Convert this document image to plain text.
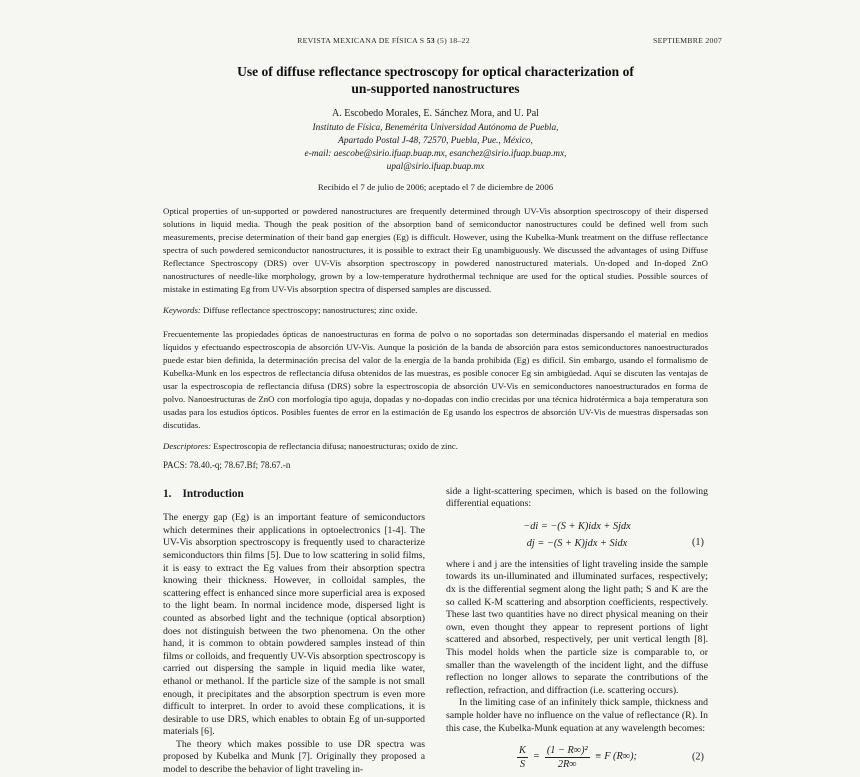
REVISTA MEXICANA DE FÍSICA S 53 (5) 18–22	SEPTIEMBRE 2007
Use of diffuse reflectance spectroscopy for optical characterization of
un-supported nanostructures
A. Escobedo Morales, E. Sánchez Mora, and U. Pal
Instituto de Física, Benemérita Universidad Autónoma de Puebla,
Apartado Postal J-48, 72570, Puebla, Pue., México,
e-mail: aescobe@sirio.ifuap.buap.mx, esanchez@sirio.ifuap.buap.mx,
upal@sirio.ifuap.buap.mx
Recibido el 7 de julio de 2006; aceptado el 7 de diciembre de 2006

Optical properties of un-supported or powdered nanostructures are frequently determined through UV-Vis absorption spectroscopy of their dispersed solutions in liquid media. Though the peak position of the absorption band of semiconductor nanostructures could be defined well from such measurements, precise determination of their band gap energies (Eg) is difficult. However, using the Kubelka-Munk treatment on the diffuse reflectance spectra of such powdered semiconductor nanostructures, it is possible to extract their Eg unambiguously. We discussed the advantages of using Diffuse Reflectance Spectroscopy (DRS) over UV-Vis absorption spectroscopy in powdered nanostructured materials. Un-doped and In-doped ZnO nanostructures of needle-like morphology, grown by a low-temperature hydrothermal technique are used for the optical studies. Possible sources of mistake in estimating Eg from UV-Vis absorption spectra of dispersed samples are discussed.

Keywords: Diffuse reflectance spectroscopy; nanostructures; zinc oxide.

Frecuentemente las propiedades ópticas de nanoestructuras en forma de polvo o no soportadas son determinadas dispersando el material en medios líquidos y efectuando espectroscopia de absorción UV-Vis. Aunque la posición de la banda de absorción para estos semiconductores nanoestructurados puede estar bien definida, la determinación precisa del valor de la energía de la banda prohibida (Eg) es difícil. Sin embargo, usando el formalismo de Kubelka-Munk en los espectros de reflectancia difusa obtenidos de las muestras, es posible conocer Eg sin ambigüedad. Aquí se discuten las ventajas de usar la espectroscopia de reflectancia difusa (DRS) sobre la espectroscopia de absorción UV-Vis en semiconductores nanoestructurados en forma de polvo. Nanoestructuras de ZnO con morfología tipo aguja, dopadas y no-dopadas con indio crecidas por una técnica hidrotérmica a baja temperatura son usadas para los estudios ópticos. Posibles fuentes de error en la estimación de Eg usando los espectros de absorción UV-Vis de muestras dispersadas son discutidas.

Descriptores: Espectroscopia de reflectancia difusa; nanoestructuras; oxido de zinc.
PACS: 78.40.-q; 78.67.Bf; 78.67.-n
1. Introduction

The energy gap (Eg) is an important feature of semiconductors which determines their applications in optoelectronics [1-4]. The UV-Vis absorption spectroscopy is frequently used to characterize semiconductors thin films [5]. Due to low scattering in solid films, it is easy to extract the Eg values from their absorption spectra knowing their thickness. However, in colloidal samples, the scattering effect is enhanced since more superficial area is exposed to the light beam. In normal incidence mode, dispersed light is counted as absorbed light and the technique (optical absorption) does not distinguish between the two phenomena. On the other hand, it is common to obtain powdered samples instead of thin films or colloids, and frequently UV-Vis absorption spectroscopy is carried out dispersing the sample in liquid media like water, ethanol or methanol. If the particle size of the sample is not small enough, it precipitates and the absorption spectrum is even more difficult to interpret. In order to avoid these complications, it is desirable to use DRS, which enables to obtain Eg of un-supported materials [6].

The theory which makes possible to use DR spectra was proposed by Kubelka and Munk [7]. Originally they proposed a model to describe the behavior of light traveling in-

side a light-scattering specimen, which is based on the following differential equations:

−di = −(S + K)idx + Sjdx
dj = −(S + K)jdx + Sidx	(1)

where i and j are the intensities of light traveling inside the sample towards its un-illuminated and illuminated surfaces, respectively; dx is the differential segment along the light path; S and K are the so called K-M scattering and absorption coefficients, respectively. These last two quantities have no direct physical meaning on their own, even thought they appear to represent portions of light scattered and absorbed, respectively, per unit vertical length [8]. This model holds when the particle size is comparable to, or smaller than the wavelength of the incident light, and the diffuse reflection no longer allows to separate the contributions of the reflection, refraction, and diffraction (i.e. scattering occurs).

In the limiting case of an infinitely thick sample, thickness and sample holder have no influence on the value of reflectance (R). In this case, the Kubelka-Munk equation at any wavelength becomes:

$\frac{K}{S} = \frac{\text{(1 − R∞)²}}{2R\infty} \equiv F$ (R∞);	(2)
